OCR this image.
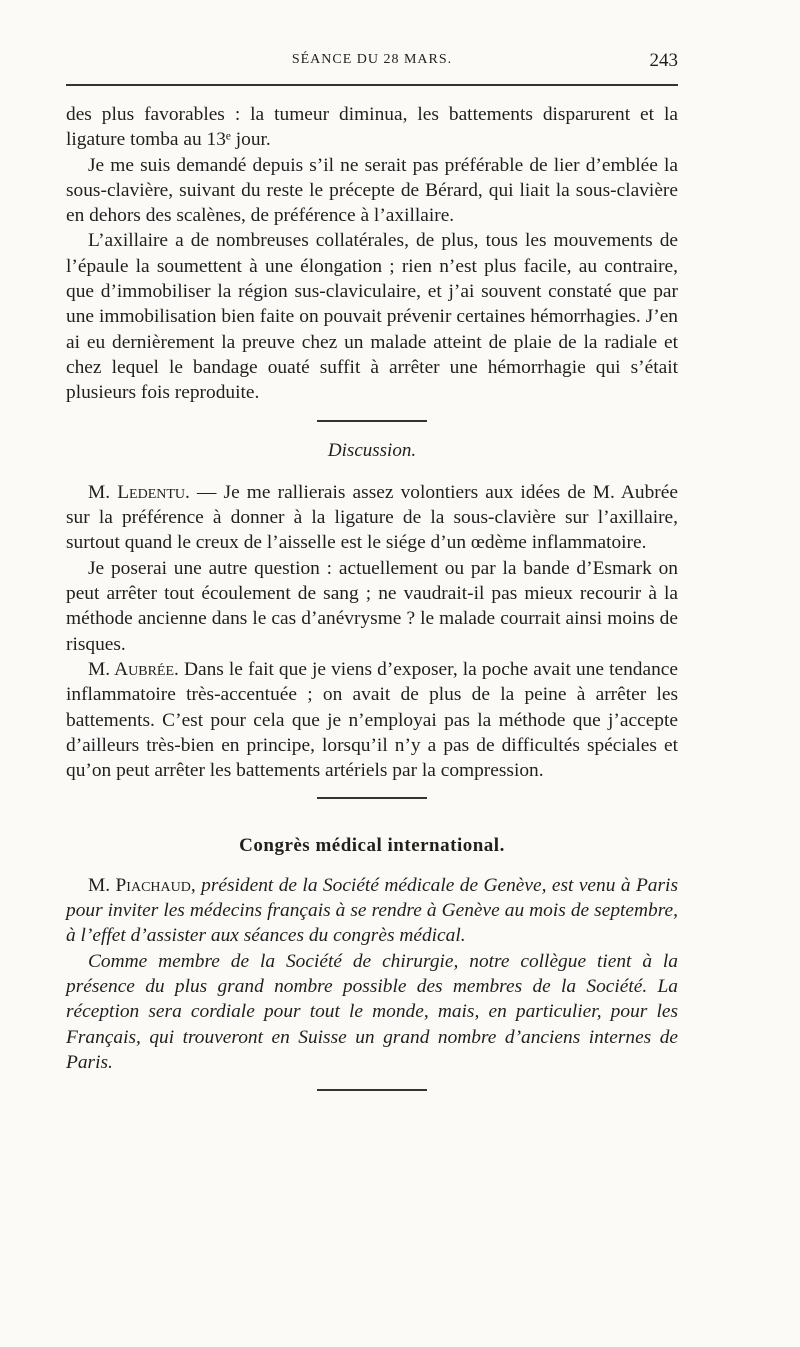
SÉANCE DU 28 MARS.	243

des plus favorables : la tumeur diminua, les battements disparurent et la ligature tomba au 13ᵉ jour.

Je me suis demandé depuis s’il ne serait pas préférable de lier d’emblée la sous-clavière, suivant du reste le précepte de Bérard, qui liait la sous-clavière en dehors des scalènes, de préférence à l’axillaire.

L’axillaire a de nombreuses collatérales, de plus, tous les mouvements de l’épaule la soumettent à une élongation ; rien n’est plus facile, au contraire, que d’immobiliser la région sus-claviculaire, et j’ai souvent constaté que par une immobilisation bien faite on pouvait prévenir certaines hémorrhagies. J’en ai eu dernièrement la preuve chez un malade atteint de plaie de la radiale et chez lequel le bandage ouaté suffit à arrêter une hémorrhagie qui s’était plusieurs fois reproduite.

Discussion.

M. Ledentu. — Je me rallierais assez volontiers aux idées de M. Aubrée sur la préférence à donner à la ligature de la sous-clavière sur l’axillaire, surtout quand le creux de l’aisselle est le siége d’un œdème inflammatoire.

Je poserai une autre question : actuellement ou par la bande d’Esmark on peut arrêter tout écoulement de sang ; ne vaudrait-il pas mieux recourir à la méthode ancienne dans le cas d’anévrysme ? le malade courrait ainsi moins de risques.

M. Aubrée. Dans le fait que je viens d’exposer, la poche avait une tendance inflammatoire très-accentuée ; on avait de plus de la peine à arrêter les battements. C’est pour cela que je n’employai pas la méthode que j’accepte d’ailleurs très-bien en principe, lorsqu’il n’y a pas de difficultés spéciales et qu’on peut arrêter les battements artériels par la compression.

Congrès médical international.

M. Piachaud, président de la Société médicale de Genève, est venu à Paris pour inviter les médecins français à se rendre à Genève au mois de septembre, à l’effet d’assister aux séances du congrès médical.

Comme membre de la Société de chirurgie, notre collègue tient à la présence du plus grand nombre possible des membres de la Société. La réception sera cordiale pour tout le monde, mais, en particulier, pour les Français, qui trouveront en Suisse un grand nombre d’anciens internes de Paris.
